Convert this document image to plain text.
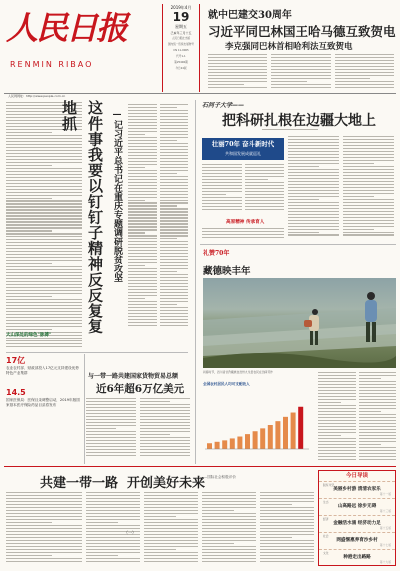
人民日报
RENMIN RIBAO
2019年4月
19
星期五
己亥年三月十五
人民日报社出版
国内统一连续出版物号
CN 11-0065
代号1-1
第25406期
今日24版
就中巴建交30周年
习近平同巴林国王哈马德互致贺电
李克强同巴林首相哈利法互致贺电
人民网网址：http://www.people.com.cn
这件事我要以钉钉子精神反反复复地抓	—记习近平总书记在重庆专题调研脱贫攻坚
大山深处的绿色"脉搏"
17亿
农业农村部、财政部投入17亿元支持建设优势特色产业集群
14.5
国家医保局：医保目录调整启动，2019年版国家基本医疗保险药品目录将发布
与一带一路共建国家货物贸易总额
近6年超6万亿美元
石河子大学——
把科研扎根在边疆大地上
壮丽70年 奋斗新时代
共和国发展成就巡礼
高原精神 传承育人
礼赞70年
藏德映丰年
初春时节，四川省甘孜藏族自治州九龙县农民在田间劳作
全国农村居民人均可支配收入
共建一带一路  开创美好未来
——国际社会积极评价
（一）
今日导读
脱贫攻坚
美丽乡村游 清清农家乐
第十一版
生态
山高路远 徐步无碍
第十三版
经济
金融活水涌 经济动力足
第十五版
社会
网盛惬惠养育沙乡村
第十七版
文化
种港走出路路
第十九版
